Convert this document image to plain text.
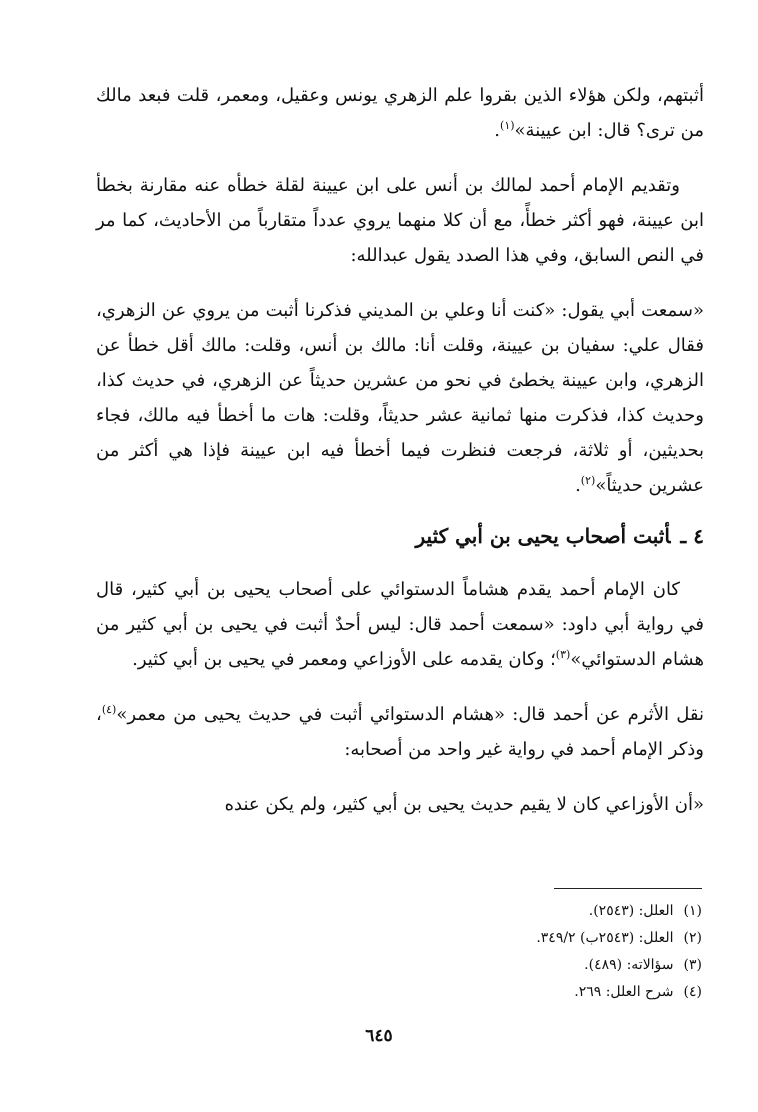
أثبتهم، ولكن هؤلاء الذين بقروا علم الزهري يونس وعقيل، ومعمر، قلت فبعد مالك من ترى؟ قال: ابن عيينة»$^{(١)}$.

وتقديم الإمام أحمد لمالك بن أنس على ابن عيينة لقلة خطأه عنه مقارنة بخطأ ابن عيينة، فهو أكثر خطأً، مع أن كلا منهما يروي عدداً متقارباً من الأحاديث، كما مر في النص السابق، وفي هذا الصدد يقول عبدالله:

«سمعت أبي يقول: «كنت أنا وعلي بن المديني فذكرنا أثبت من يروي عن الزهري، فقال علي: سفيان بن عيينة، وقلت أنا: مالك بن أنس، وقلت: مالك أقل خطأ عن الزهري، وابن عيينة يخطئ في نحو من عشرين حديثاً عن الزهري، في حديث كذا، وحديث كذا، فذكرت منها ثمانية عشر حديثاً، وقلت: هات ما أخطأ فيه مالك، فجاء بحديثين، أو ثلاثة، فرجعت فنظرت فيما أخطأ فيه ابن عيينة فإذا هي أكثر من عشرين حديثاً»$^{(٢)}$.

٤ ـأثبت أصحاب يحيى بن أبي كثير

كان الإمام أحمد يقدم هشاماً الدستوائي على أصحاب يحيى بن أبي كثير، قال في رواية أبي داود: «سمعت أحمد قال: ليس أحدٌ أثبت في يحيى بن أبي كثير من هشام الدستوائي»$^{(٣)}$؛ وكان يقدمه على الأوزاعي ومعمر في يحيى بن أبي كثير.

نقل الأثرم عن أحمد قال: «هشام الدستوائي أثبت في حديث يحيى من معمر»$^{(٤)}$، وذكر الإمام أحمد في رواية غير واحد من أصحابه:

«أن الأوزاعي كان لا يقيم حديث يحيى بن أبي كثير، ولم يكن عنده

(١)العلل: (٢٥٤٣).
(٢)العلل: (٢٥٤٣ب) ٣٤٩/٢.
(٣)سؤالاته: (٤٨٩).
(٤)شرح العلل: ٢٦٩.
٦٤٥
